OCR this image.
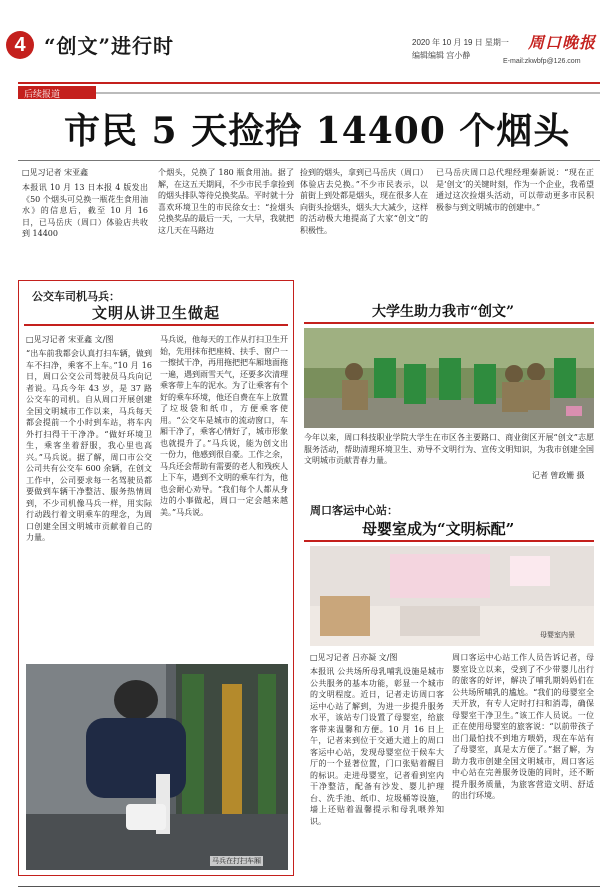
4 “创文”进行时	2020 年 10 月 19 日 星期一
编辑编辑 宫小静
周口晚报
E-mail:zkwbfp@126.com
后续报道
市民 5 天捡拾 14400 个烟头
□见习记者 宋亚鑫
本报讯 10 月 13 日本报 4 版发出《50 个烟头可兑换一瓶花生食用油水》的信息后，截至 10 月 16 日，已马岳庆（周口）体验店共收到 14400
个烟头，兑换了 180 瓶食用油。据了解，在这五天期间，不少市民手拿捡到的烟头排队等待兑换奖品。平时就十分喜欢环境卫生的市民徐女士：“捡烟头兑换奖品的最后一天，一大早，我就把这几天在马路边
捡到的烟头，拿到已马岳庆（周口）体验店去兑换。”不少市民表示，以前街上到处都是烟头，现在很多人在向街头捡烟头，烟头大大减少，这样的活动极大地提高了大家“创文”的积极性。
已马岳庆周口总代理经理秦新说：“现在正是‘创文’的关键时刻，作为一个企业，我希望通过这次捡烟头活动，可以带动更多市民积极参与到文明城市的创建中。”
公交车司机马兵：
文明从讲卫生做起
□见习记者 宋亚鑫 文/图
“出车前我都会认真打扫车辆，做到车不扫净，乘客不上车。”10 月 16 日，周口公交公司驾驶员马兵向记者说。马兵今年 43 岁，是 37 路公交车的司机。自从周口开展创建全国文明城市工作以来，马兵每天都会提前一个小时到车站，将车内外打扫得干干净净。“做好环境卫生，乘客坐着舒服，我心里也高兴。”马兵说。据了解，周口市公交公司共有公交车 600 余辆，在创文工作中，公司要求每一名驾驶员都要做到车辆干净整洁、服务热情周到，不少司机像马兵一样，用实际行动践行着文明乘车的理念，为周口创建全国文明城市贡献着自己的力量。
马兵说，他每天的工作从打扫卫生开始，先用抹布把座椅、扶手、窗户一一擦拭干净，再用拖把把车厢地面拖一遍，遇到雨雪天气，还要多次清理乘客带上车的泥水。为了让乘客有个好的乘车环境，他还自费在车上放置了垃圾袋和纸巾，方便乘客使用。“公交车是城市的流动窗口，车厢干净了，乘客心情好了，城市形象也就提升了。”马兵说，能为创文出一份力，他感到很自豪。工作之余，马兵还会帮助有需要的老人和残疾人上下车，遇到不文明的乘车行为，他也会耐心劝导。“我们每个人都从身边的小事做起，周口一定会越来越美。”马兵说。
马兵在打扫车厢
大学生助力我市“创文”
今年以来，周口科技职业学院大学生在市区各主要路口、商业街区开展“创文”志愿服务活动，帮助清理环境卫生、劝导不文明行为、宣传文明知识，为我市创建全国文明城市贡献青春力量。
记者 曾政姗 摄
周口客运中心站：
母婴室成为“文明标配”
母婴室内景
□见习记者 吕亦凝 文/图
本报讯 公共场所母乳哺乳设施是城市公共服务的基本功能，彰显一个城市的文明程度。近日，记者走访周口客运中心站了解到，为进一步提升服务水平，该站专门设置了母婴室，给旅客带来温馨和方便。10 月 16 日上午，记者来到位于交通大道上的周口客运中心站，发现母婴室位于候车大厅的一个显著位置，门口张贴着醒目的标识。走进母婴室，记者看到室内干净整洁，配备有沙发、婴儿护理台、洗手池、纸巾、垃圾桶等设施，墙上还贴着温馨提示和母乳喂养知识。
周口客运中心站工作人员告诉记者，母婴室设立以来，受到了不少带婴儿出行的旅客的好评，解决了哺乳期妈妈们在公共场所哺乳的尴尬。“我们的母婴室全天开放，有专人定时打扫和消毒，确保母婴室干净卫生。”该工作人员说。一位正在使用母婴室的旅客说：“以前带孩子出门最怕找不到地方喂奶，现在车站有了母婴室，真是太方便了。”据了解，为助力我市创建全国文明城市，周口客运中心站在完善服务设施的同时，还不断提升服务质量，为旅客营造文明、舒适的出行环境。
